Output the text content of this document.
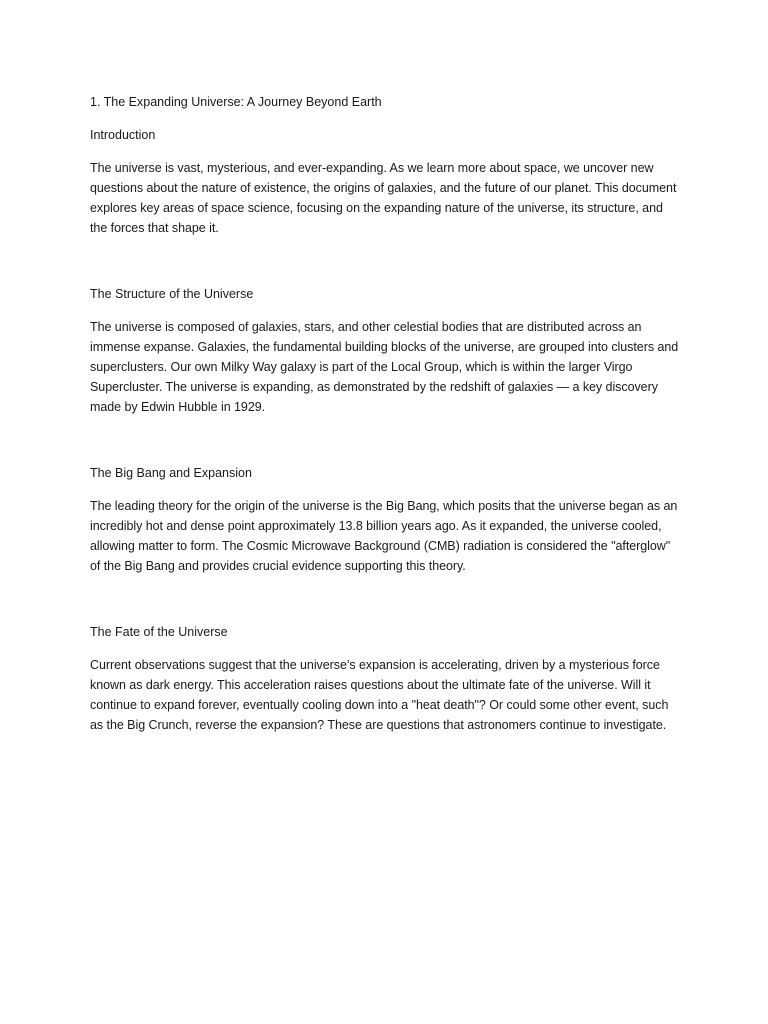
1. The Expanding Universe: A Journey Beyond Earth

Introduction

The universe is vast, mysterious, and ever-expanding. As we learn more about space, we uncover new questions about the nature of existence, the origins of galaxies, and the future of our planet. This document explores key areas of space science, focusing on the expanding nature of the universe, its structure, and the forces that shape it.

The Structure of the Universe

The universe is composed of galaxies, stars, and other celestial bodies that are distributed across an immense expanse. Galaxies, the fundamental building blocks of the universe, are grouped into clusters and superclusters. Our own Milky Way galaxy is part of the Local Group, which is within the larger Virgo Supercluster. The universe is expanding, as demonstrated by the redshift of galaxies — a key discovery made by Edwin Hubble in 1929.

The Big Bang and Expansion

The leading theory for the origin of the universe is the Big Bang, which posits that the universe began as an incredibly hot and dense point approximately 13.8 billion years ago. As it expanded, the universe cooled, allowing matter to form. The Cosmic Microwave Background (CMB) radiation is considered the "afterglow" of the Big Bang and provides crucial evidence supporting this theory.

The Fate of the Universe

Current observations suggest that the universe’s expansion is accelerating, driven by a mysterious force known as dark energy. This acceleration raises questions about the ultimate fate of the universe. Will it continue to expand forever, eventually cooling down into a "heat death"? Or could some other event, such as the Big Crunch, reverse the expansion? These are questions that astronomers continue to investigate.
